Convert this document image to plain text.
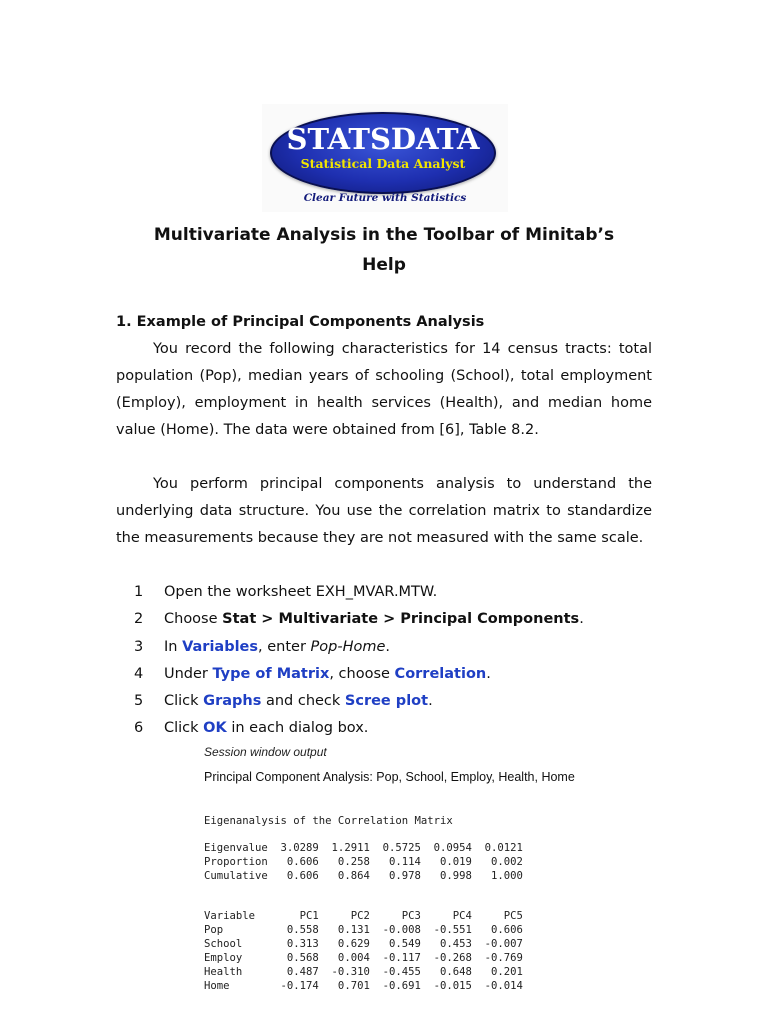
STATSDATA
Statistical Data Analyst
Clear Future with Statistics
Multivariate Analysis in the Toolbar of Minitab’s
Help
1. Example of Principal Components Analysis

You record the following characteristics for 14 census tracts: total population (Pop), median years of schooling (School), total employment (Employ), employment in health services (Health), and median home value (Home). The data were obtained from [6], Table 8.2.

You perform principal components analysis to understand the underlying data structure. You use the correlation matrix to standardize the measurements because they are not measured with the same scale.

1 Open the worksheet EXH_MVAR.MTW.
2 Choose Stat > Multivariate > Principal Components.
3 In Variables, enter Pop-Home.
4 Under Type of Matrix, choose Correlation.
5 Click Graphs and check Scree plot.
6 Click OK in each dialog box.
Session window output
Principal Component Analysis: Pop, School, Employ, Health, Home
Eigenanalysis of the Correlation Matrix
Eigenvalue  3.0289  1.2911  0.5725  0.0954  0.0121
Proportion   0.606   0.258   0.114   0.019   0.002
Cumulative   0.606   0.864   0.978   0.998   1.000
Variable       PC1     PC2     PC3     PC4     PC5
Pop          0.558   0.131  -0.008  -0.551   0.606
School       0.313   0.629   0.549   0.453  -0.007
Employ       0.568   0.004  -0.117  -0.268  -0.769
Health       0.487  -0.310  -0.455   0.648   0.201
Home        -0.174   0.701  -0.691  -0.015  -0.014
